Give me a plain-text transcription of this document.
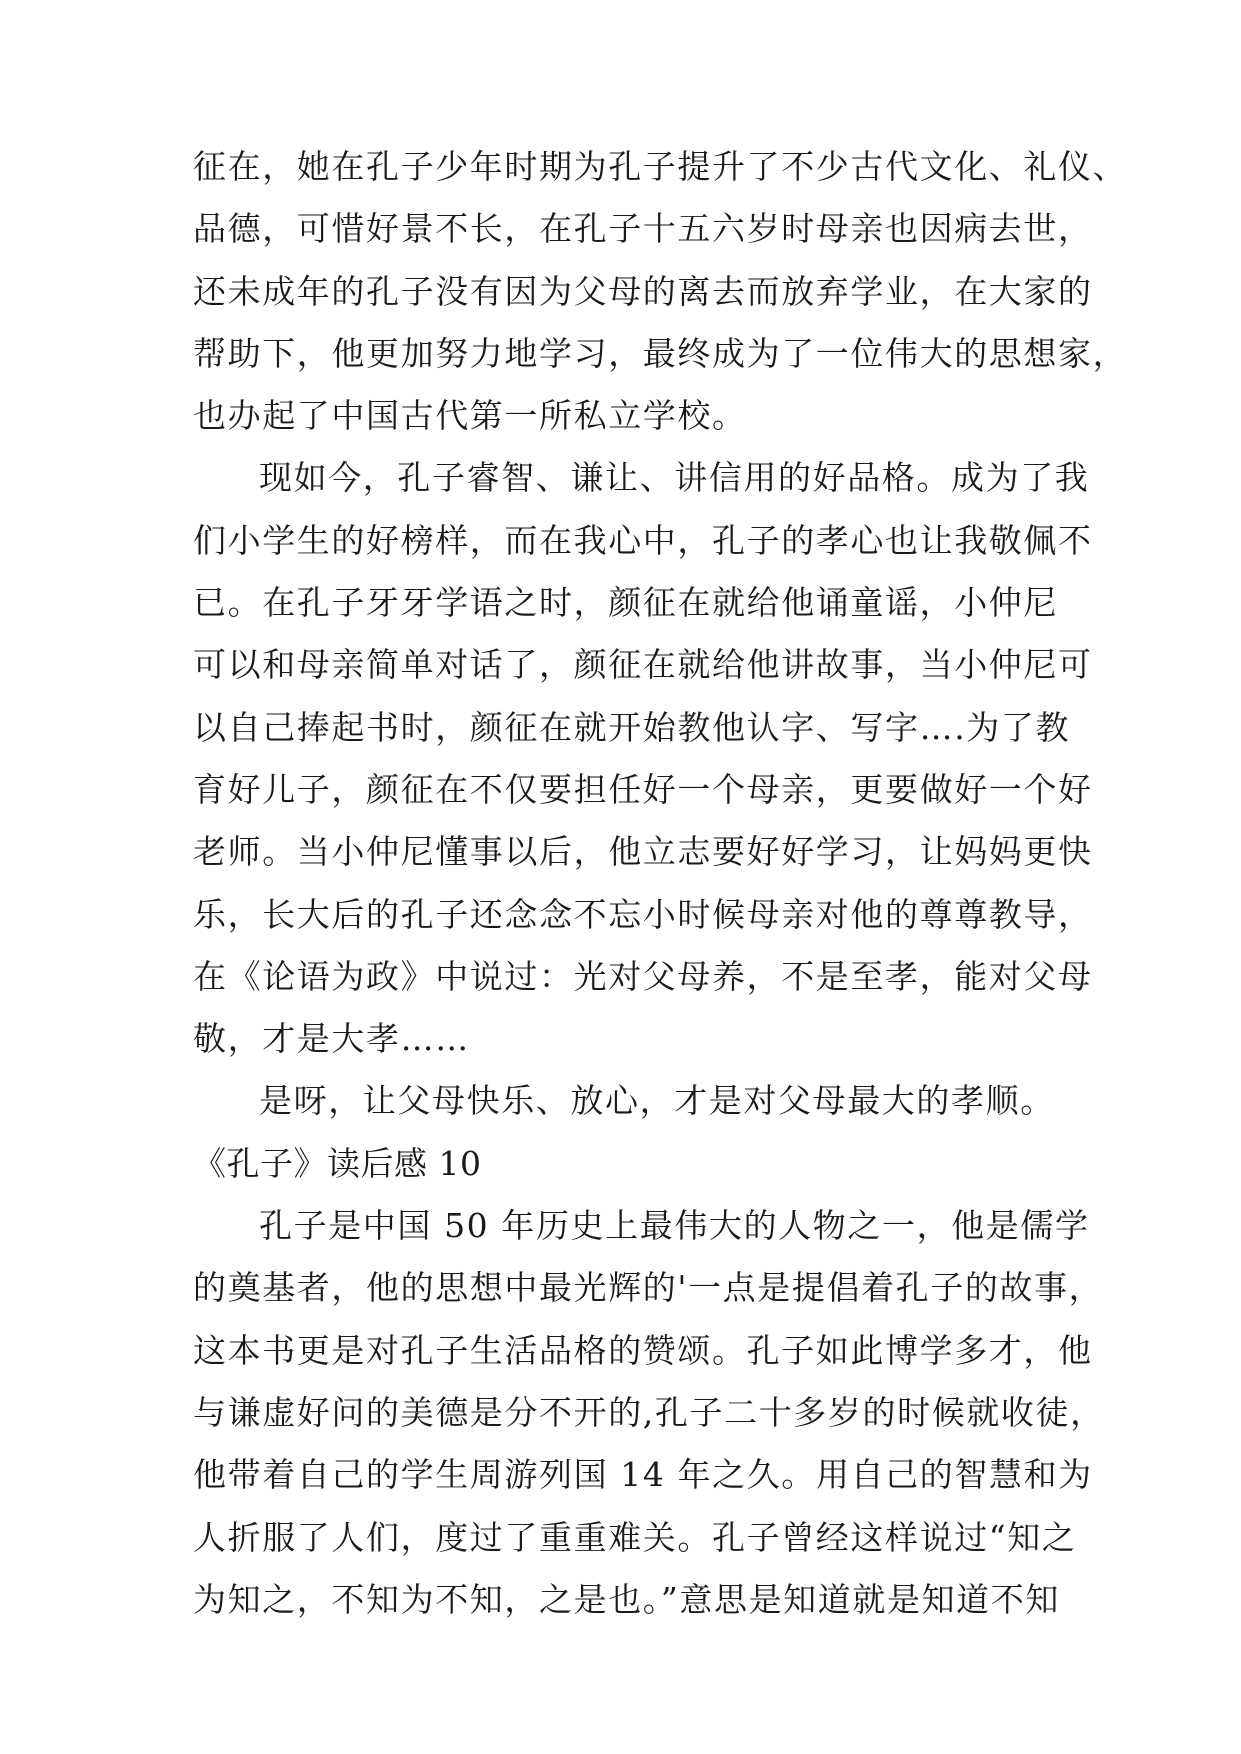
征在，她在孔子少年时期为孔子提升了不少古代文化、礼仪、
品德，可惜好景不长，在孔子十五六岁时母亲也因病去世，
还未成年的孔子没有因为父母的离去而放弃学业，在大家的
帮助下，他更加努力地学习，最终成为了一位伟大的思想家，
也办起了中国古代第一所私立学校。
现如今，孔子睿智、谦让、讲信用的好品格。成为了我
们小学生的好榜样，而在我心中，孔子的孝心也让我敬佩不
已。在孔子牙牙学语之时，颜征在就给他诵童谣，小仲尼
可以和母亲简单对话了，颜征在就给他讲故事，当小仲尼可
以自己捧起书时，颜征在就开始教他认字、写字….为了教
育好儿子，颜征在不仅要担任好一个母亲，更要做好一个好
老师。当小仲尼懂事以后，他立志要好好学习，让妈妈更快
乐，长大后的孔子还念念不忘小时候母亲对他的尊尊教导，
在《论语为政》中说过：光对父母养，不是至孝，能对父母
敬，才是大孝……
是呀，让父母快乐、放心，才是对父母最大的孝顺。
《孔子》读后感 10
孔子是中国 50 年历史上最伟大的人物之一，他是儒学
的奠基者，他的思想中最光辉的'一点是提倡着孔子的故事，
这本书更是对孔子生活品格的赞颂。孔子如此博学多才，他
与谦虚好问的美德是分不开的,孔子二十多岁的时候就收徒，
他带着自己的学生周游列国 14 年之久。用自己的智慧和为
人折服了人们，度过了重重难关。孔子曾经这样说过“知之
为知之，不知为不知，之是也。”意思是知道就是知道不知
